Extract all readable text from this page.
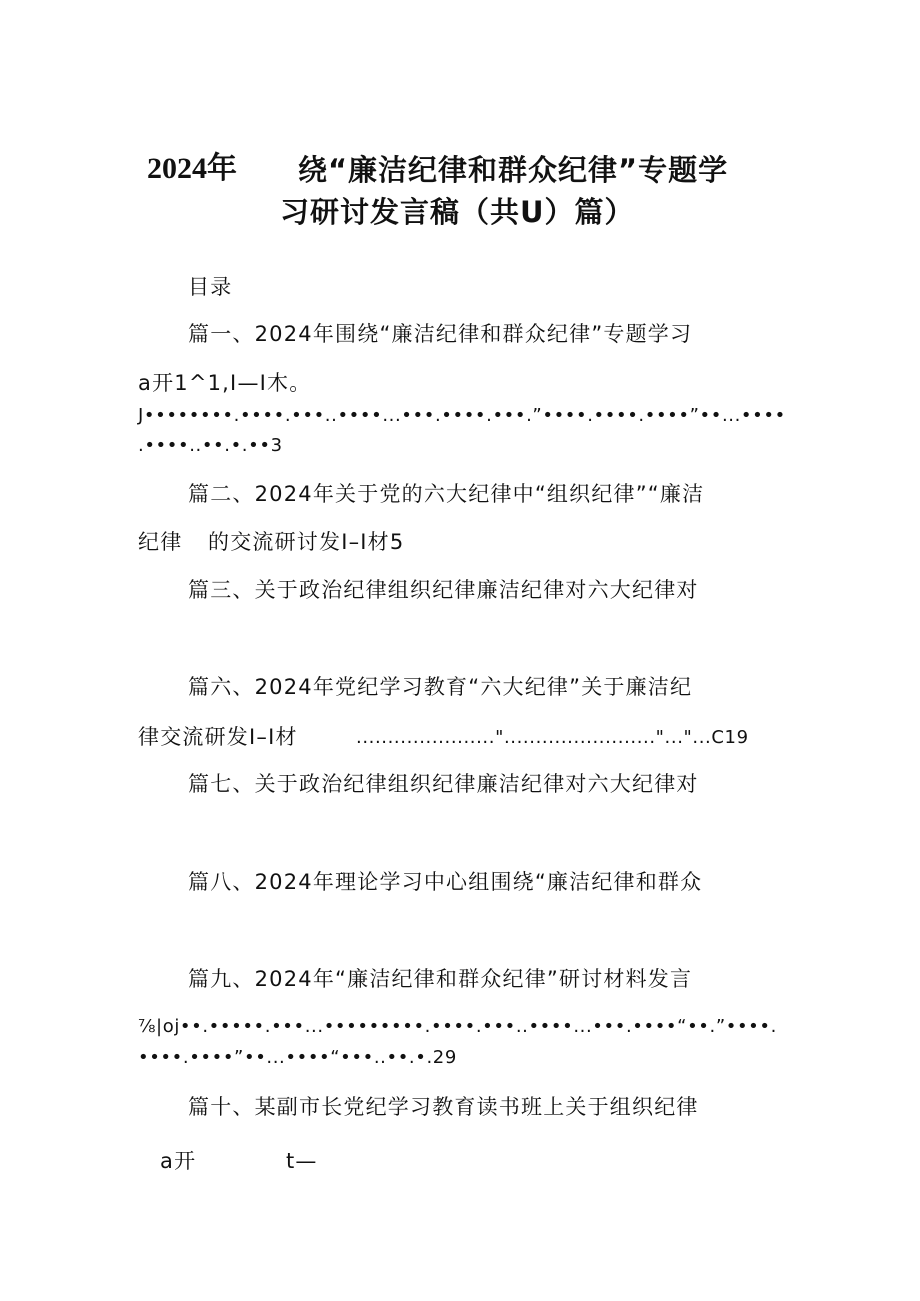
2024年 绕“廉洁纪律和群众纪律”专题学
习研讨发言稿（共U）篇）
目录
篇一、2024年围绕“廉洁纪律和群众纪律”专题学习
a开1^1,I—I木。
J••••••••.••••.•••..••••...•••.••••.•••.”••••.••••.••••”••...••••
.••••..••.•.••3
篇二、2024年关于党的六大纪律中“组织纪律”“廉洁
纪律 的交流研讨发I–I材5
篇三、关于政治纪律组织纪律廉洁纪律对六大纪律对
篇六、2024年党纪学习教育“六大纪律”关于廉洁纪
律交流研发I–I材	......................"........................"..."...C19
篇七、关于政治纪律组织纪律廉洁纪律对六大纪律对
篇八、2024年理论学习中心组围绕“廉洁纪律和群众
篇九、2024年“廉洁纪律和群众纪律”研讨材料发言
⅞|oj••.•••••.•••...•••••••••.••••.•••..••••...•••.••••“••.”••••.
••••.••••”••...••••“•••..••.•.29
篇十、某副市长党纪学习教育读书班上关于组织纪律
a开	t—
